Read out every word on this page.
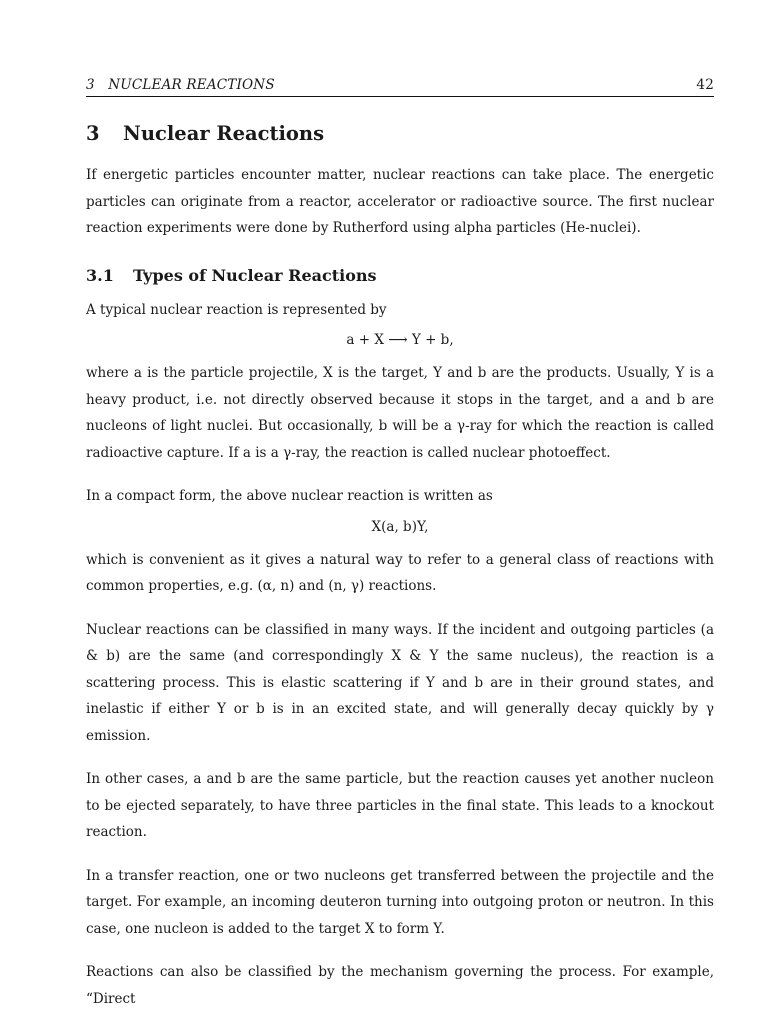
3   NUCLEAR REACTIONS	42
3 Nuclear Reactions

If energetic particles encounter matter, nuclear reactions can take place. The energetic particles can originate from a reactor, accelerator or radioactive source. The first nuclear reaction experiments were done by Rutherford using alpha particles (He-nuclei).

3.1 Types of Nuclear Reactions

A typical nuclear reaction is represented by

a + X ⟶ Y + b,

where a is the particle projectile, X is the target, Y and b are the products. Usually, Y is a heavy product, i.e. not directly observed because it stops in the target, and a and b are nucleons of light nuclei. But occasionally, b will be a γ-ray for which the reaction is called radioactive capture. If a is a γ-ray, the reaction is called nuclear photoeffect.

In a compact form, the above nuclear reaction is written as

X(a, b)Y,

which is convenient as it gives a natural way to refer to a general class of reactions with common properties, e.g. (α, n) and (n, γ) reactions.

Nuclear reactions can be classified in many ways. If the incident and outgoing particles (a & b) are the same (and correspondingly X & Y the same nucleus), the reaction is a scattering process. This is elastic scattering if Y and b are in their ground states, and inelastic if either Y or b is in an excited state, and will generally decay quickly by γ emission.

In other cases, a and b are the same particle, but the reaction causes yet another nucleon to be ejected separately, to have three particles in the final state. This leads to a knockout reaction.

In a transfer reaction, one or two nucleons get transferred between the projectile and the target. For example, an incoming deuteron turning into outgoing proton or neutron. In this case, one nucleon is added to the target X to form Y.

Reactions can also be classified by the mechanism governing the process. For example, “Direct
